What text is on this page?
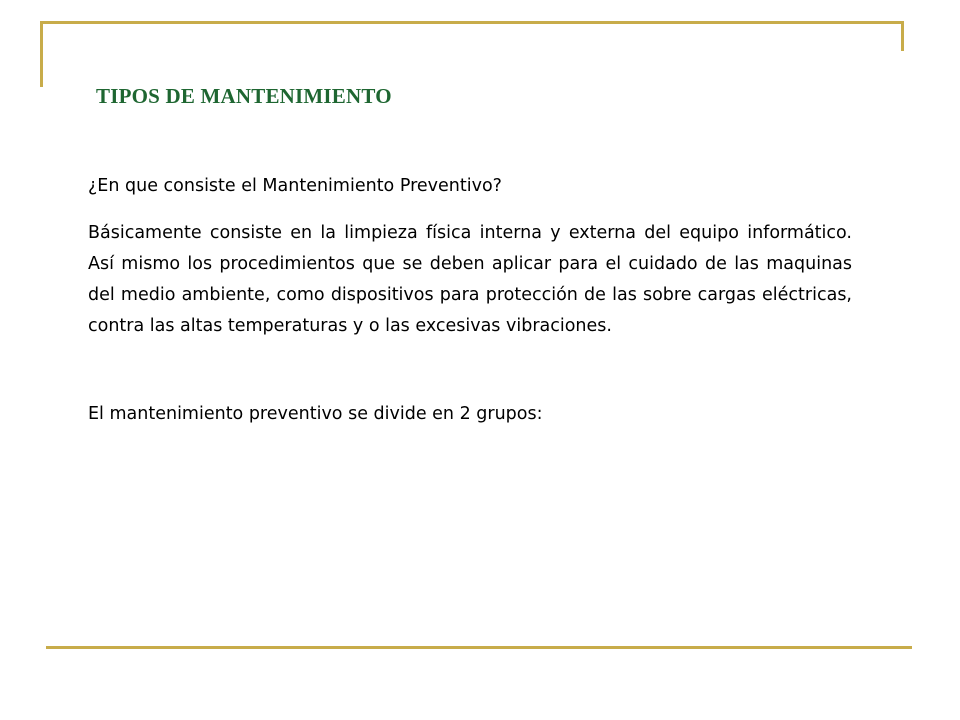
TIPOS DE MANTENIMIENTO

¿En que consiste el Mantenimiento Preventivo?

Básicamente consiste en la limpieza física interna y externa del equipo informático. Así mismo los procedimientos que se deben aplicar para el cuidado de las maquinas del medio ambiente, como dispositivos para protección de las sobre cargas eléctricas, contra las altas temperaturas y o las excesivas vibraciones.

El mantenimiento preventivo se divide en 2 grupos:
